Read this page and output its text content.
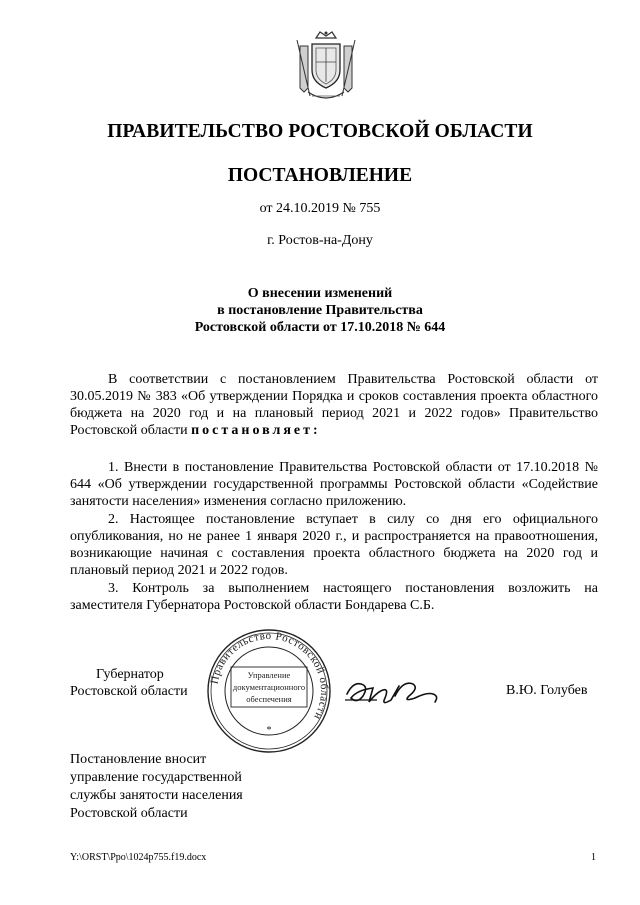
ПРАВИТЕЛЬСТВО РОСТОВСКОЙ ОБЛАСТИ
ПОСТАНОВЛЕНИЕ
от 24.10.2019 № 755
г. Ростов-на-Дону
О внесении изменений
в постановление Правительства
Ростовской области от 17.10.2018 № 644
В соответствии с постановлением Правительства Ростовской области от 30.05.2019 № 383 «Об утверждении Порядка и сроков составления проекта областного бюджета на 2020 год и на плановый период 2021 и 2022 годов» Правительство Ростовской области постановляет:
1. Внести в постановление Правительства Ростовской области от 17.10.2018 № 644 «Об утверждении государственной программы Ростовской области «Содействие занятости населения» изменения согласно приложению.
2. Настоящее постановление вступает в силу со дня его официального опубликования, но не ранее 1 января 2020 г., и распространяется на правоотношения, возникающие начиная с составления проекта областного бюджета на 2020 год и плановый период 2021 и 2022 годов.
3. Контроль за выполнением настоящего постановления возложить на заместителя Губернатора Ростовской области Бондарева С.Б.
Губернатор
Ростовской области
Правительство Ростовской области
Управление
документационного
обеспечения
*
В.Ю. Голубев
Постановление вносит
управление государственной
службы занятости населения
Ростовской области
Y:\ORST\Ppo\1024p755.f19.docx	1
